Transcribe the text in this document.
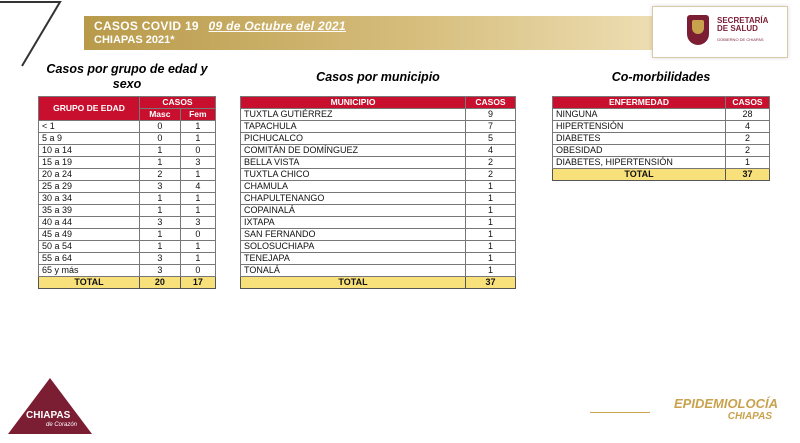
CASOS COVID 19 09 de Octubre del 2021
CHIAPAS 2021*
SECRETARÍA
DE SALUD
GOBIERNO DE CHIAPAS
Casos por grupo de edad y sexo
GRUPO DE EDAD	CASOS	
	Masc	Fem
< 1	0	1
5 a 9	0	1
10 a 14	1	0
15 a 19	1	3
20 a 24	2	1
25 a 29	3	4
30 a 34	1	1
35 a 39	1	1
40 a 44	3	3
45 a 49	1	0
50 a 54	1	1
55 a 64	3	1
65 y más	3	0
TOTAL	20	17
Casos por municipio
MUNICIPIO	CASOS
TUXTLA GUTIÉRREZ	9
TAPACHULA	7
PICHUCALCO	5
COMITÁN DE DOMÍNGUEZ	4
BELLA VISTA	2
TUXTLA CHICO	2
CHAMULA	1
CHAPULTENANGO	1
COPAINALÁ	1
IXTAPA	1
SAN FERNANDO	1
SOLOSUCHIAPA	1
TENEJAPA	1
TONALÁ	1
TOTAL	37
Co-morbilidades
ENFERMEDAD	CASOS
NINGUNA	28
HIPERTENSIÓN	4
DIABETES	2
OBESIDAD	2
DIABETES, HIPERTENSIÓN	1
TOTAL	37
CHIAPAS
de Corazón
EPIDEMIOLOCÍA
CHIAPAS
